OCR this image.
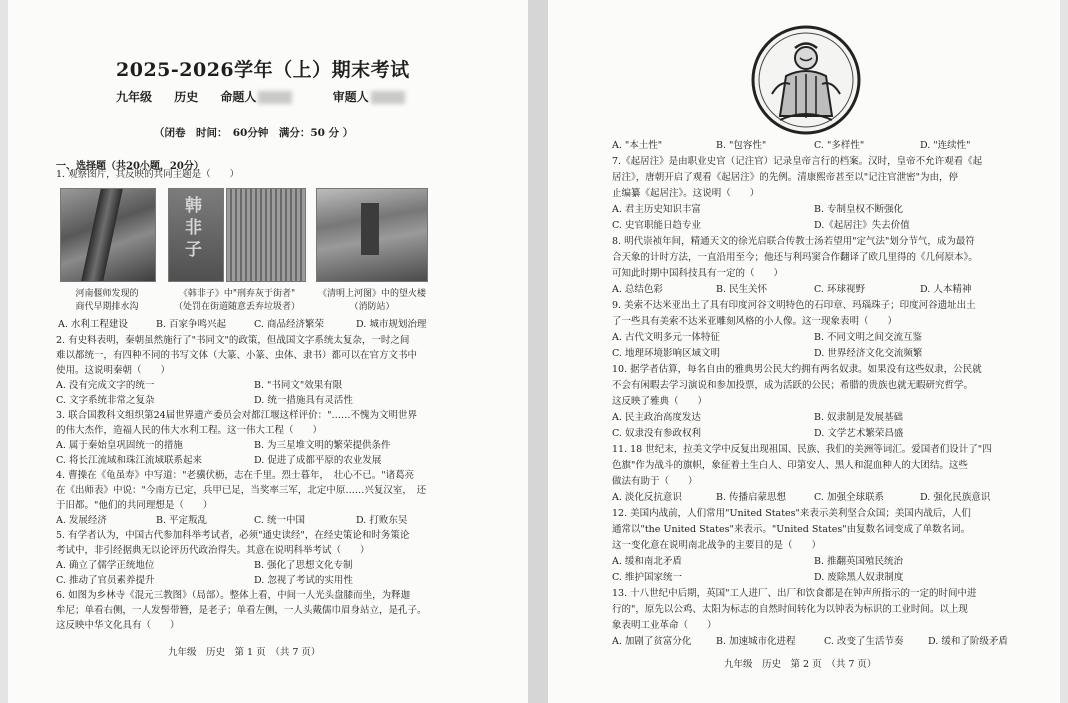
2025-2026学年（上）期末考试
九年级 历史 命题人	审题人
（闭卷　时间：　60分钟　满分：50 分 ）
一、选择题（共20小题，20分）
1. 观察图片，其反映的共同主题是（　　）
韩非子
河南偃师发现的
商代早期排水沟
《韩非子》中"刑弃灰于街者"
（处罚在街道随意丢弃垃圾者）
《清明上河图》中的望火楼
（消防站）
A. 水利工程建设	B. 百家争鸣兴起	C. 商品经济繁荣	D. 城市规划治理
2. 有史料表明，秦朝虽然施行了"书同文"的政策，但战国文字系统太复杂，一时之间
难以都统一，有四种不同的书写文体（大篆、小篆、虫体、隶书）都可以在官方文书中
使用。这说明秦朝（　　）
A. 没有完成文字的统一	B. "书同文"效果有限
C. 文字系统非常之复杂	D. 统一措施具有灵活性
3. 联合国教科文组织第24届世界遗产委员会对都江堰这样评价："……不愧为文明世界
的伟大杰作，造福人民的伟大水利工程。这一伟大工程（　　）
A. 属于秦始皇巩固统一的措施	B. 为三星堆文明的繁荣提供条件
C. 将长江流域和珠江流域联系起来	D. 促进了成都平原的农业发展
4. 曹操在《龟虽寿》中写道："老骥伏枥，志在千里。烈士暮年，　壮心不已。"诸葛亮
在《出师表》中说："今南方已定，兵甲已足，当奖率三军，北定中原……兴复汉室，　还
于旧都。"他们的共同理想是（　　）
A. 发展经济	B. 平定叛乱	C. 统一中国	D. 打败东吴
5. 有学者认为，中国古代参加科举考试者，必须"通史读经"，在经史策论和时务策论
考试中，非引经据典无以论评历代政治得失。其意在说明科举考试（　　）
A. 确立了儒学正统地位	B. 强化了思想文化专制
C. 推动了官员素养提升	D. 忽视了考试的实用性
6. 如图为乡林寺《混元三教图》（局部）。整体上看，中间一人光头盘膝而坐，为释迦
牟尼；单看右侧，一人发髻带簪，是老子；单看左侧，一人头戴儒巾眉身站立，是孔子。
这反映中华文化具有（　　）
九年级　历史　第 1 页　（共 7 页）
A. "本土性"	B. "包容性"	C. "多样性"	D. "连续性"
7.《起居注》是由职业史官（记注官）记录皇帝言行的档案。汉时，皇帝不允许观看《起
居注》，唐朝开启了观看《起居注》的先例。清康熙帝甚至以"记注官泄密"为由，停
止编纂《起居注》。这说明（　　）
A. 君主历史知识丰富	B. 专制皇权不断强化
C. 史官职能日趋专业	D.《起居注》失去价值
8. 明代崇祯年间，精通天文的徐光启联合传教士汤若望用"定气法"划分节气，成为最符
合天象的计时方法，一直沿用至今；他还与利玛窦合作翻译了欧几里得的《几何原本》。
可知此时期中国科技具有一定的（　　）
A. 总结色彩	B. 民生关怀	C. 环球视野	D. 人本精神
9. 美索不达米亚出土了具有印度河谷文明特色的石印章、玛瑙珠子；印度河谷遗址出土
了一些具有美索不达米亚雕刻风格的小人像。这一现象表明（　　）
A. 古代文明多元一体特征	B. 不同文明之间交流互鉴
C. 地理环境影响区域文明	D. 世界经济文化交流频繁
10. 据学者估算，每名自由的雅典男公民大约拥有两名奴隶。如果没有这些奴隶，公民就
不会有闲暇去学习演说和参加投票，成为活跃的公民；希腊的贵族也就无暇研究哲学。
这反映了雅典（　　）
A. 民主政治高度发达	B. 奴隶制是发展基础
C. 奴隶没有参政权利	D. 文学艺术繁荣昌盛
11. 18 世纪末，拉美文学中反复出现祖国、民族、我们的美洲等词汇。爱国者们设计了"四
色旗"作为战斗的旗帜，象征着土生白人、印第安人、黑人和混血种人的大团结。这些
做法有助于（　　）
A. 淡化反抗意识	B. 传播启蒙思想	C. 加强全球联系	D. 强化民族意识
12. 美国内战前，人们常用"United States"来表示美利坚合众国；美国内战后，人们
通常以"the United States"来表示。"United States"由复数名词变成了单数名词。
这一变化意在说明南北战争的主要目的是（　　）
A. 缓和南北矛盾	B. 推翻英国殖民统治
C. 维护国家统一	D. 废除黑人奴隶制度
13. 十八世纪中后期，英国"工人进厂、出厂和饮食都是在钟声所指示的一定的时间中进
行的"，原先以公鸡、太阳为标志的自然时间转化为以钟表为标识的工业时间。以上现
象表明工业革命（　　）
A. 加剧了贫富分化	B. 加速城市化进程	C. 改变了生活节奏	D. 缓和了阶级矛盾
九年级　历史　第 2 页　（共 7 页）
